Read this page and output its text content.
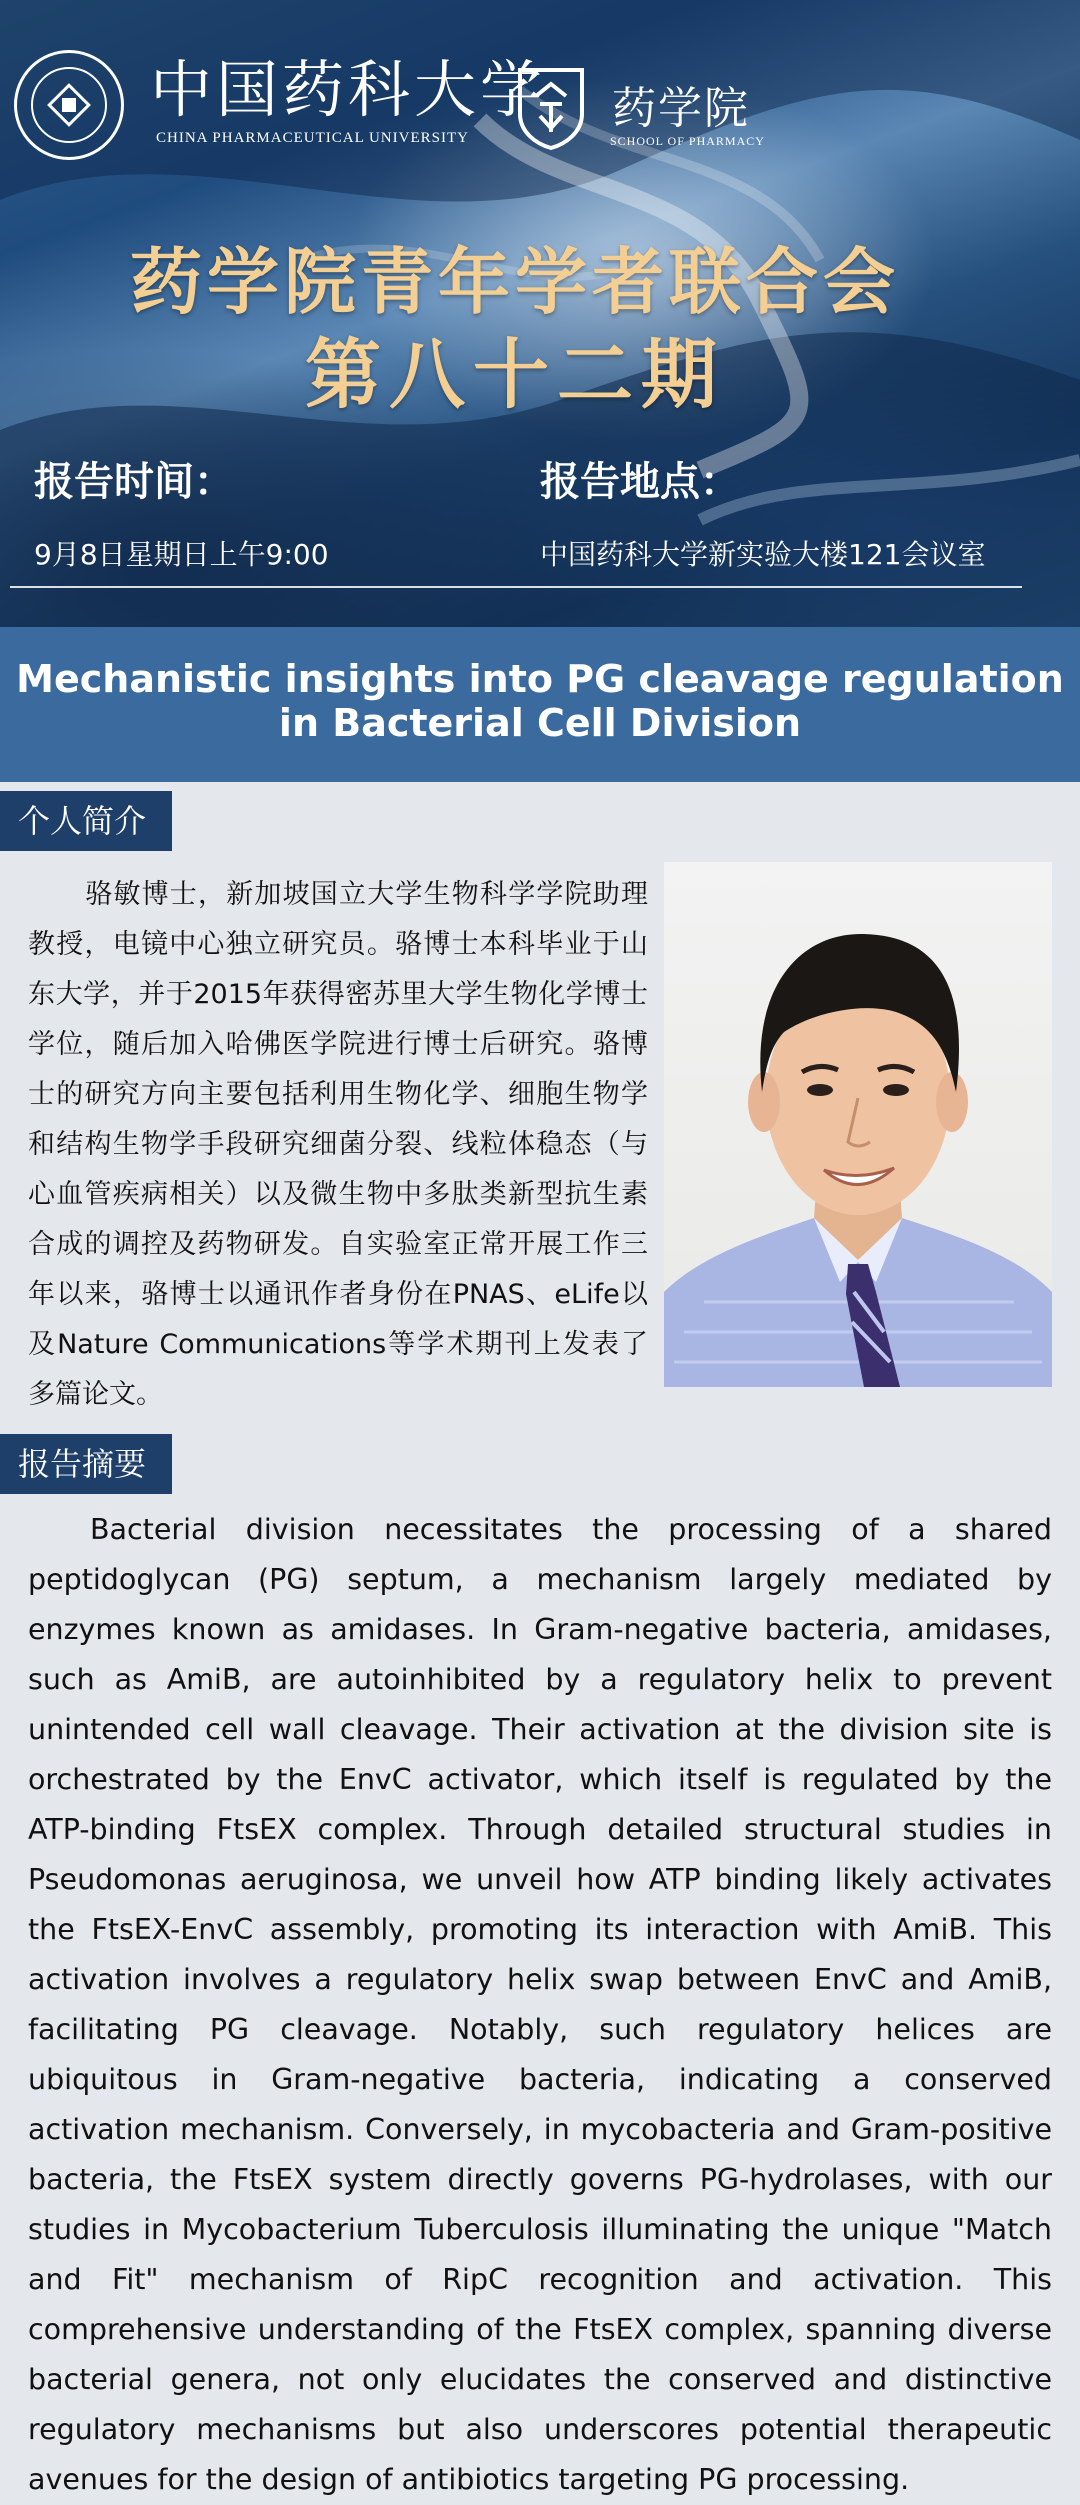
中国药科大学
CHINA PHARMACEUTICAL UNIVERSITY
药学院
SCHOOL OF PHARMACY
药学院青年学者联合会
第八十二期
报告时间：	报告地点：
9月8日星期日上午9:00	中国药科大学新实验大楼121会议室
Mechanistic insights into PG cleavage regulation in Bacterial Cell Division
个人简介
骆敏博士，新加坡国立大学生物科学学院助理教授，电镜中心独立研究员。骆博士本科毕业于山东大学，并于2015年获得密苏里大学生物化学博士学位，随后加入哈佛医学院进行博士后研究。骆博士的研究方向主要包括利用生物化学、细胞生物学和结构生物学手段研究细菌分裂、线粒体稳态（与心血管疾病相关）以及微生物中多肽类新型抗生素合成的调控及药物研发。自实验室正常开展工作三年以来，骆博士以通讯作者身份在PNAS、eLife以及Nature Communications等学术期刊上发表了多篇论文。
报告摘要
Bacterial division necessitates the processing of a shared peptidoglycan (PG) septum, a mechanism largely mediated by enzymes known as amidases. In Gram-negative bacteria, amidases, such as AmiB, are autoinhibited by a regulatory helix to prevent unintended cell wall cleavage. Their activation at the division site is orchestrated by the EnvC activator, which itself is regulated by the ATP-binding FtsEX complex. Through detailed structural studies in Pseudomonas aeruginosa, we unveil how ATP binding likely activates the FtsEX-EnvC assembly, promoting its interaction with AmiB. This activation involves a regulatory helix swap between EnvC and AmiB, facilitating PG cleavage. Notably, such regulatory helices are ubiquitous in Gram-negative bacteria, indicating a conserved activation mechanism. Conversely, in mycobacteria and Gram-positive bacteria, the FtsEX system directly governs PG-hydrolases, with our studies in Mycobacterium Tuberculosis illuminating the unique "Match and Fit" mechanism of RipC recognition and activation. This comprehensive understanding of the FtsEX complex, spanning diverse bacterial genera, not only elucidates the conserved and distinctive regulatory mechanisms but also underscores potential therapeutic avenues for the design of antibiotics targeting PG processing.
